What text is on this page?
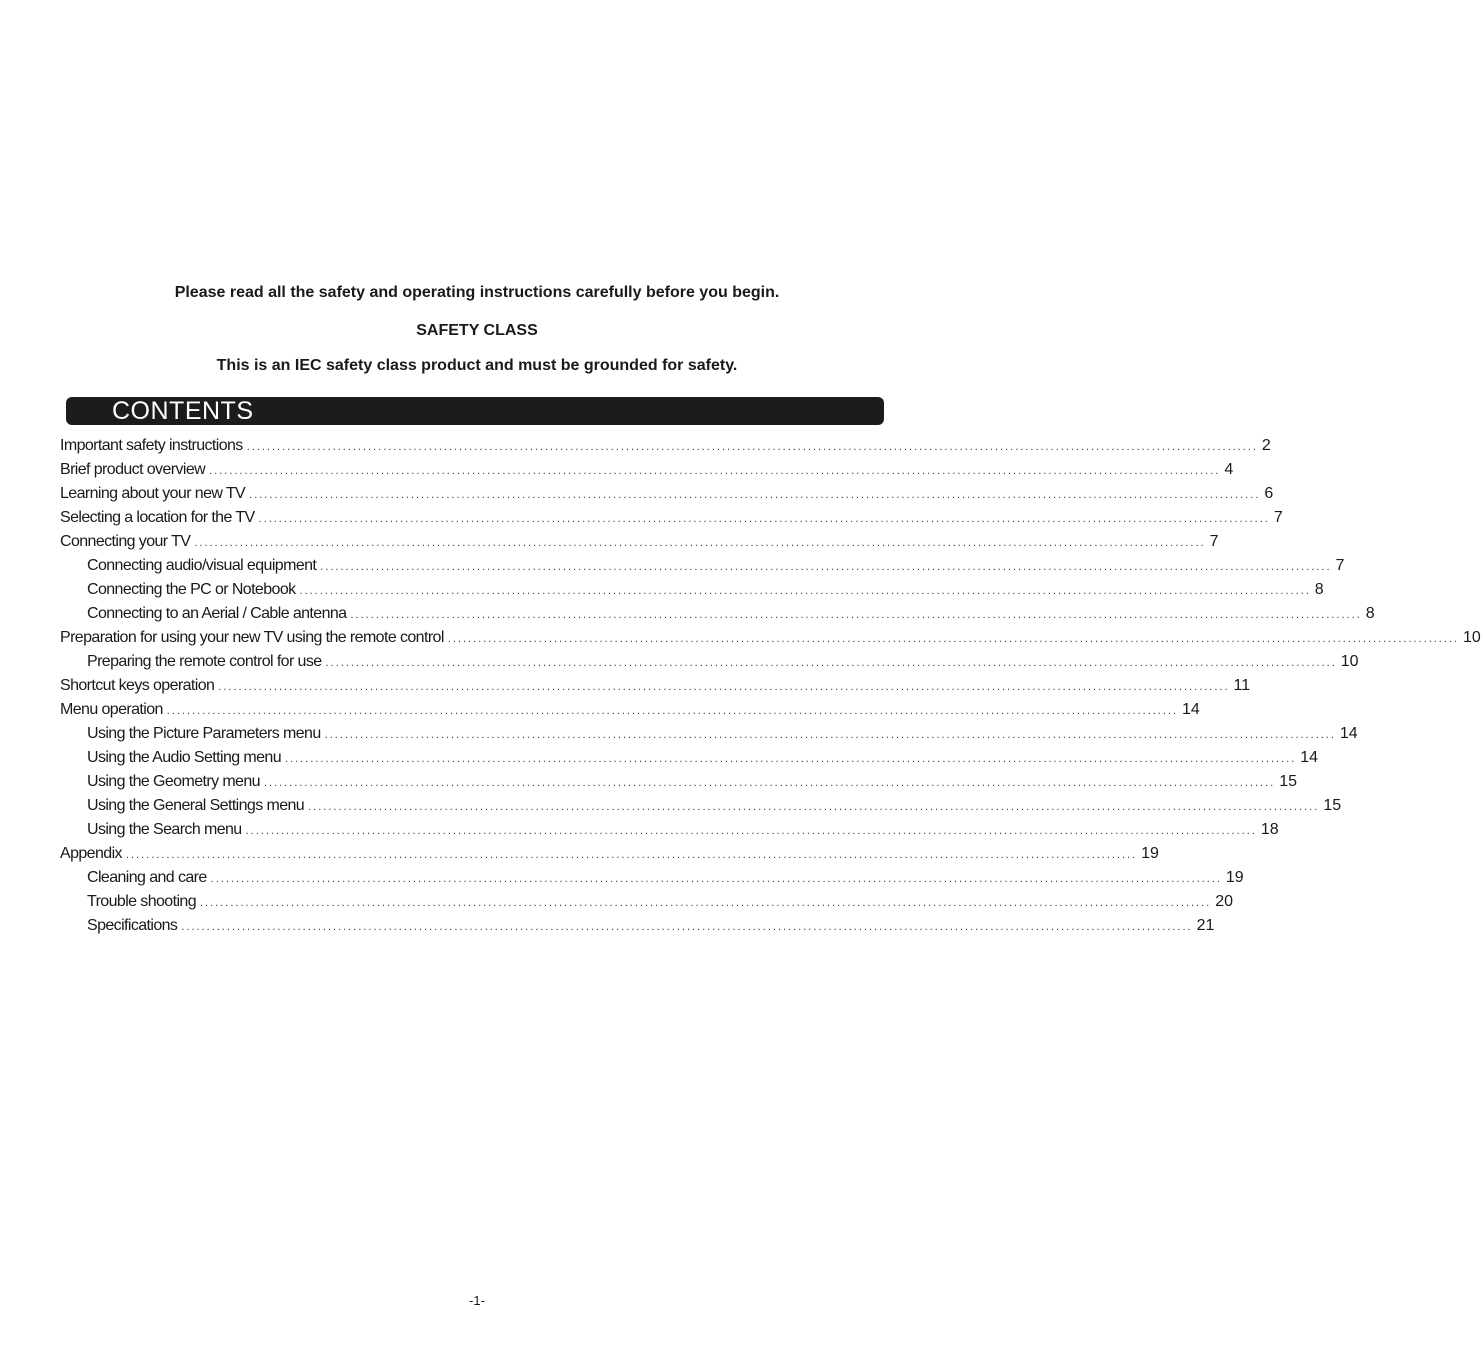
Please read all the safety and operating instructions carefully before you begin.
SAFETY CLASS
This is an IEC safety class product and must be grounded for safety.
CONTENTS
Important safety instructions ........................................................................................................................................................................................................ 2
Brief product overview ........................................................................................................................................................................................................ 4
Learning about your new TV ........................................................................................................................................................................................................ 6
Selecting a location for the TV ........................................................................................................................................................................................................ 7
Connecting your TV ........................................................................................................................................................................................................ 7
Connecting audio/visual equipment ........................................................................................................................................................................................................ 7
Connecting the PC or Notebook ........................................................................................................................................................................................................ 8
Connecting to an Aerial / Cable antenna ........................................................................................................................................................................................................ 8
Preparation for using your new TV using the remote control ........................................................................................................................................................................................................ 10
Preparing the remote control for use ........................................................................................................................................................................................................ 10
Shortcut keys operation ........................................................................................................................................................................................................ 11
Menu operation ........................................................................................................................................................................................................ 14
Using the Picture Parameters menu ........................................................................................................................................................................................................ 14
Using the Audio Setting menu ........................................................................................................................................................................................................ 14
Using the Geometry menu ........................................................................................................................................................................................................ 15
Using the General Settings menu ........................................................................................................................................................................................................ 15
Using the Search menu ........................................................................................................................................................................................................ 18
Appendix ........................................................................................................................................................................................................ 19
Cleaning and care ........................................................................................................................................................................................................ 19
Trouble shooting ........................................................................................................................................................................................................ 20
Specifications ........................................................................................................................................................................................................ 21
-1-
